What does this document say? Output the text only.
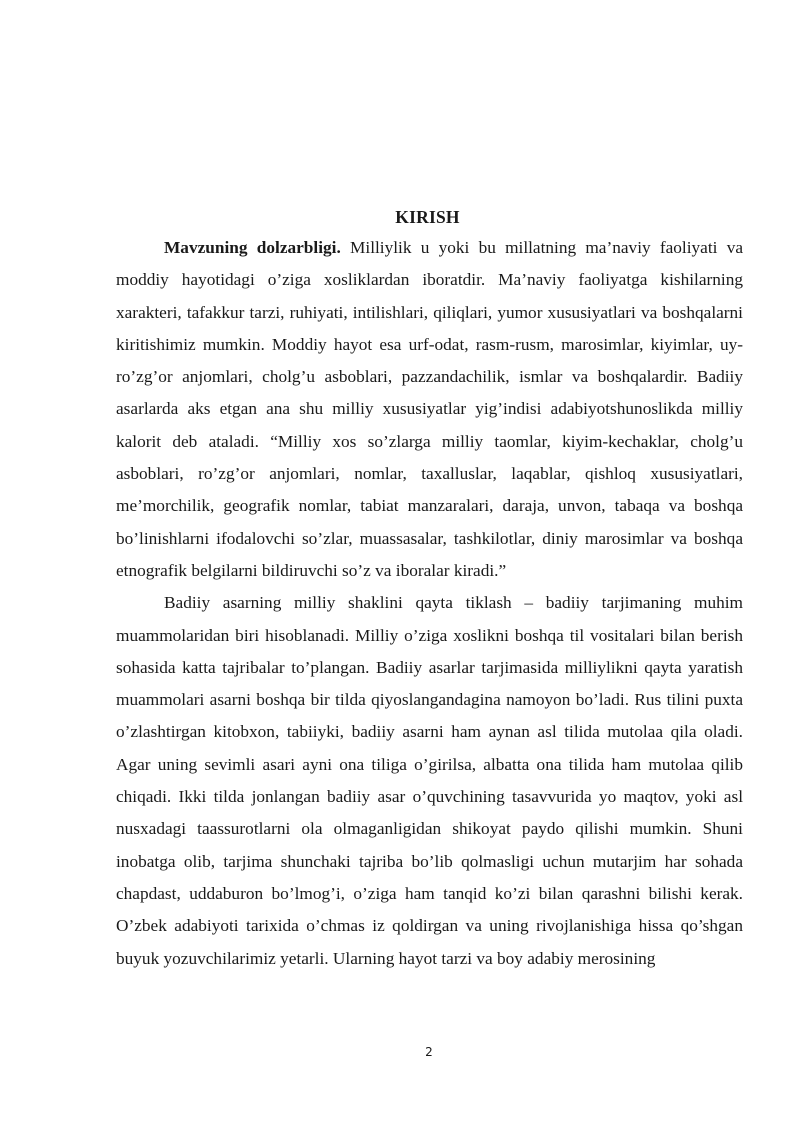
KIRISH

Mavzuning dolzarbligi. Milliylik u yoki bu millatning ma’naviy faoliyati va moddiy hayotidagi o’ziga xosliklardan iboratdir. Ma’naviy faoliyatga kishilarning xarakteri, tafakkur tarzi, ruhiyati, intilishlari, qiliqlari, yumor xususiyatlari va boshqalarni kiritishimiz mumkin. Moddiy hayot esa urf-odat, rasm-rusm, marosimlar, kiyimlar, uy-ro’zg’or anjomlari, cholg’u asboblari, pazzandachilik, ismlar va boshqalardir. Badiiy asarlarda aks etgan ana shu milliy xususiyatlar yig’indisi adabiyotshunoslikda milliy kalorit deb ataladi. “Milliy xos so’zlarga milliy taomlar, kiyim-kechaklar, cholg’u asboblari, ro’zg’or anjomlari, nomlar, taxalluslar, laqablar, qishloq xususiyatlari, me’morchilik, geografik nomlar, tabiat manzaralari, daraja, unvon, tabaqa va boshqa bo’linishlarni ifodalovchi so’zlar, muassasalar, tashkilotlar, diniy marosimlar va boshqa etnografik belgilarni bildiruvchi so’z va iboralar kiradi.”

Badiiy asarning milliy shaklini qayta tiklash – badiiy tarjimaning muhim muammolaridan biri hisoblanadi. Milliy o’ziga xoslikni boshqa til vositalari bilan berish sohasida katta tajribalar to’plangan. Badiiy asarlar tarjimasida milliylikni qayta yaratish muammolari asarni boshqa bir tilda qiyoslangandagina namoyon bo’ladi. Rus tilini puxta o’zlashtirgan kitobxon, tabiiyki, badiiy asarni ham aynan asl tilida mutolaa qila oladi. Agar uning sevimli asari ayni ona tiliga o’girilsa, albatta ona tilida ham mutolaa qilib chiqadi. Ikki tilda jonlangan badiiy asar o’quvchining tasavvurida yo maqtov, yoki asl nusxadagi taassurotlarni ola olmaganligidan shikoyat paydo qilishi mumkin. Shuni inobatga olib, tarjima shunchaki tajriba bo’lib qolmasligi uchun mutarjim har sohada chapdast, uddaburon bo’lmog’i, o’ziga ham tanqid ko’zi bilan qarashni bilishi kerak. O’zbek adabiyoti tarixida o’chmas iz qoldirgan va uning rivojlanishiga hissa qo’shgan buyuk yozuvchilarimiz yetarli. Ularning hayot tarzi va boy adabiy merosining

2
